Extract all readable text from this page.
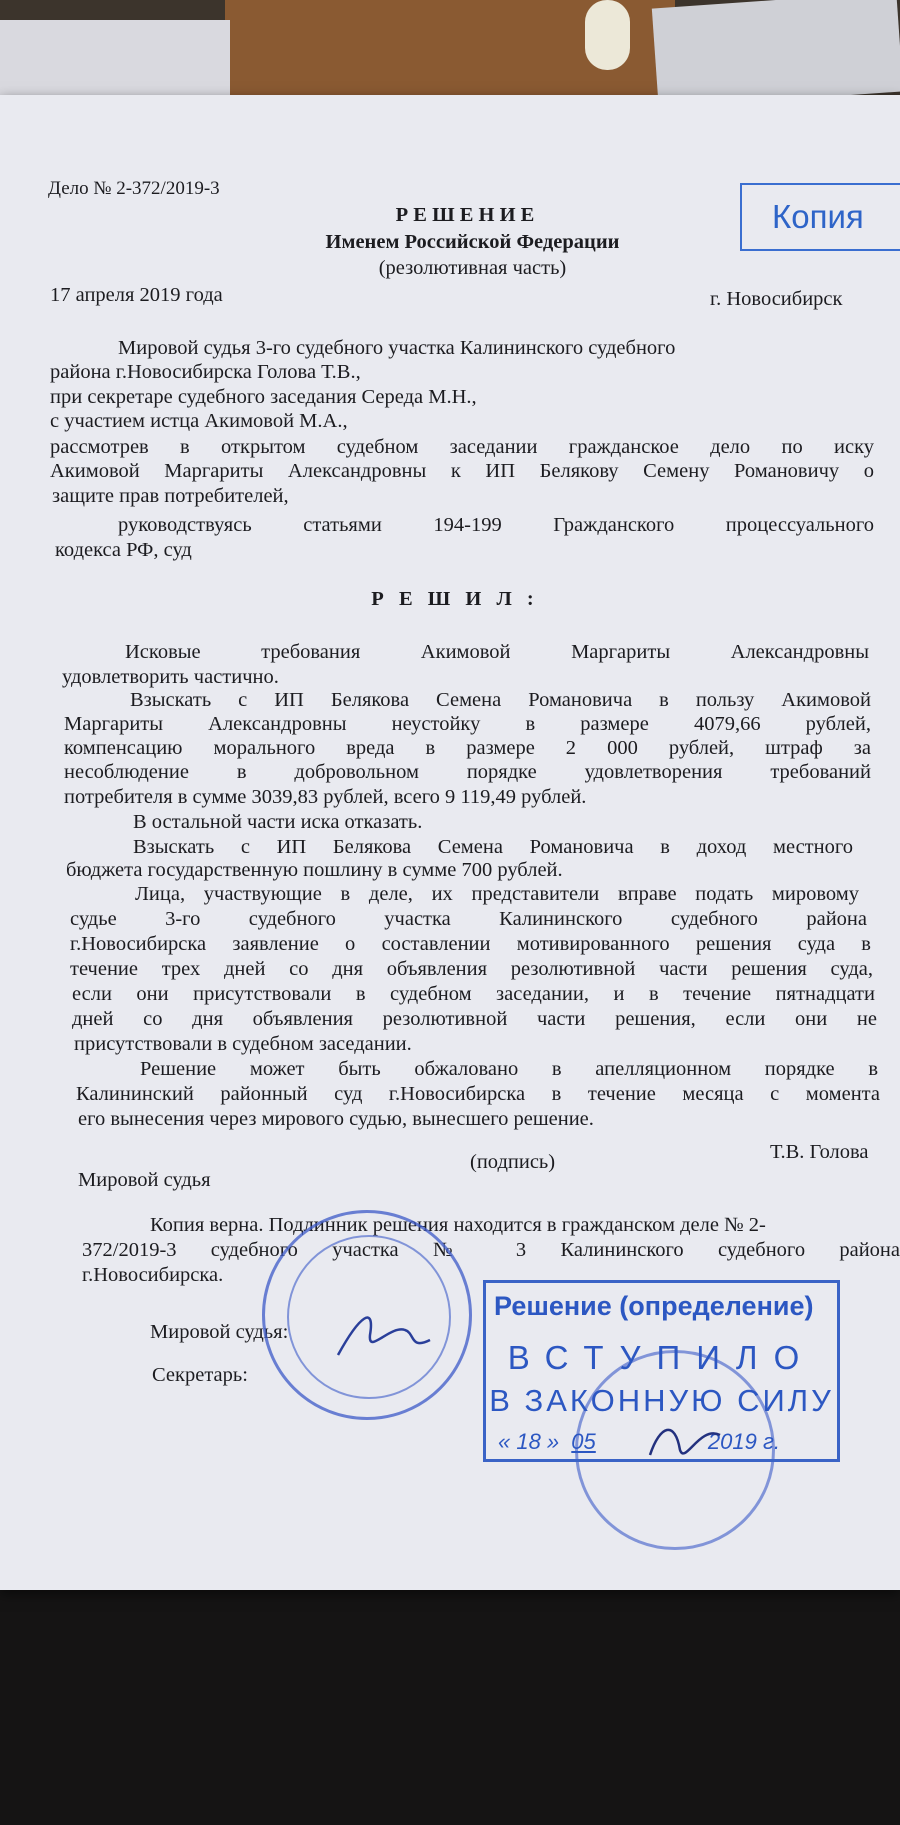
Дело № 2-372/2019-3

Копия

Р Е Ш Е Н И Е

Именем Российской Федерации

(резолютивная часть)

17 апреля 2019 года	г. Новосибирск

Мировой судья 3-го судебного участка Калининского судебного

района г.Новосибирска Голова Т.В.,

при секретаре судебного заседания Середа М.Н.,

с участием истца Акимовой М.А.,

рассмотрев в открытом судебном заседании гражданское дело по иску

Акимовой Маргариты Александровны к ИП Белякову Семену Романовичу о

защите прав потребителей,

руководствуясь статьями 194-199 Гражданского процессуального

кодекса РФ, суд

Р Е Ш И Л :

Исковые требования Акимовой Маргариты Александровны

удовлетворить частично.

Взыскать с ИП Белякова Семена Романовича в пользу Акимовой

Маргариты Александровны неустойку в размере 4079,66 рублей,

компенсацию морального вреда в размере 2 000 рублей, штраф за

несоблюдение в добровольном порядке удовлетворения требований

потребителя в сумме 3039,83 рублей, всего 9 119,49 рублей.

В остальной части иска отказать.

Взыскать с ИП Белякова Семена Романовича в доход местного

бюджета государственную пошлину в сумме 700 рублей.

Лица, участвующие в деле, их представители вправе подать мировому

судье 3-го судебного участка Калининского судебного района

г.Новосибирска заявление о составлении мотивированного решения суда в

течение трех дней со дня объявления резолютивной части решения суда,

если они присутствовали в судебном заседании, и в течение пятнадцати

дней со дня объявления резолютивной части решения, если они не

присутствовали в судебном заседании.

Решение может быть обжаловано в апелляционном порядке в

Калининский районный суд г.Новосибирска в течение месяца с момента

его вынесения через мирового судью, вынесшего решение.

Т.В. Голова

(подпись)

Мировой судья

Копия верна. Подлинник решения находится в гражданском деле № 2-

372/2019-3 судебного участка № 3 Калининского судебного района

г.Новосибирска.

Мировой судья:

Секретарь:

Решение (определение)
ВСТУПИЛО
В ЗАКОННУЮ СИЛУ
« 18 » 05	2019 г.
